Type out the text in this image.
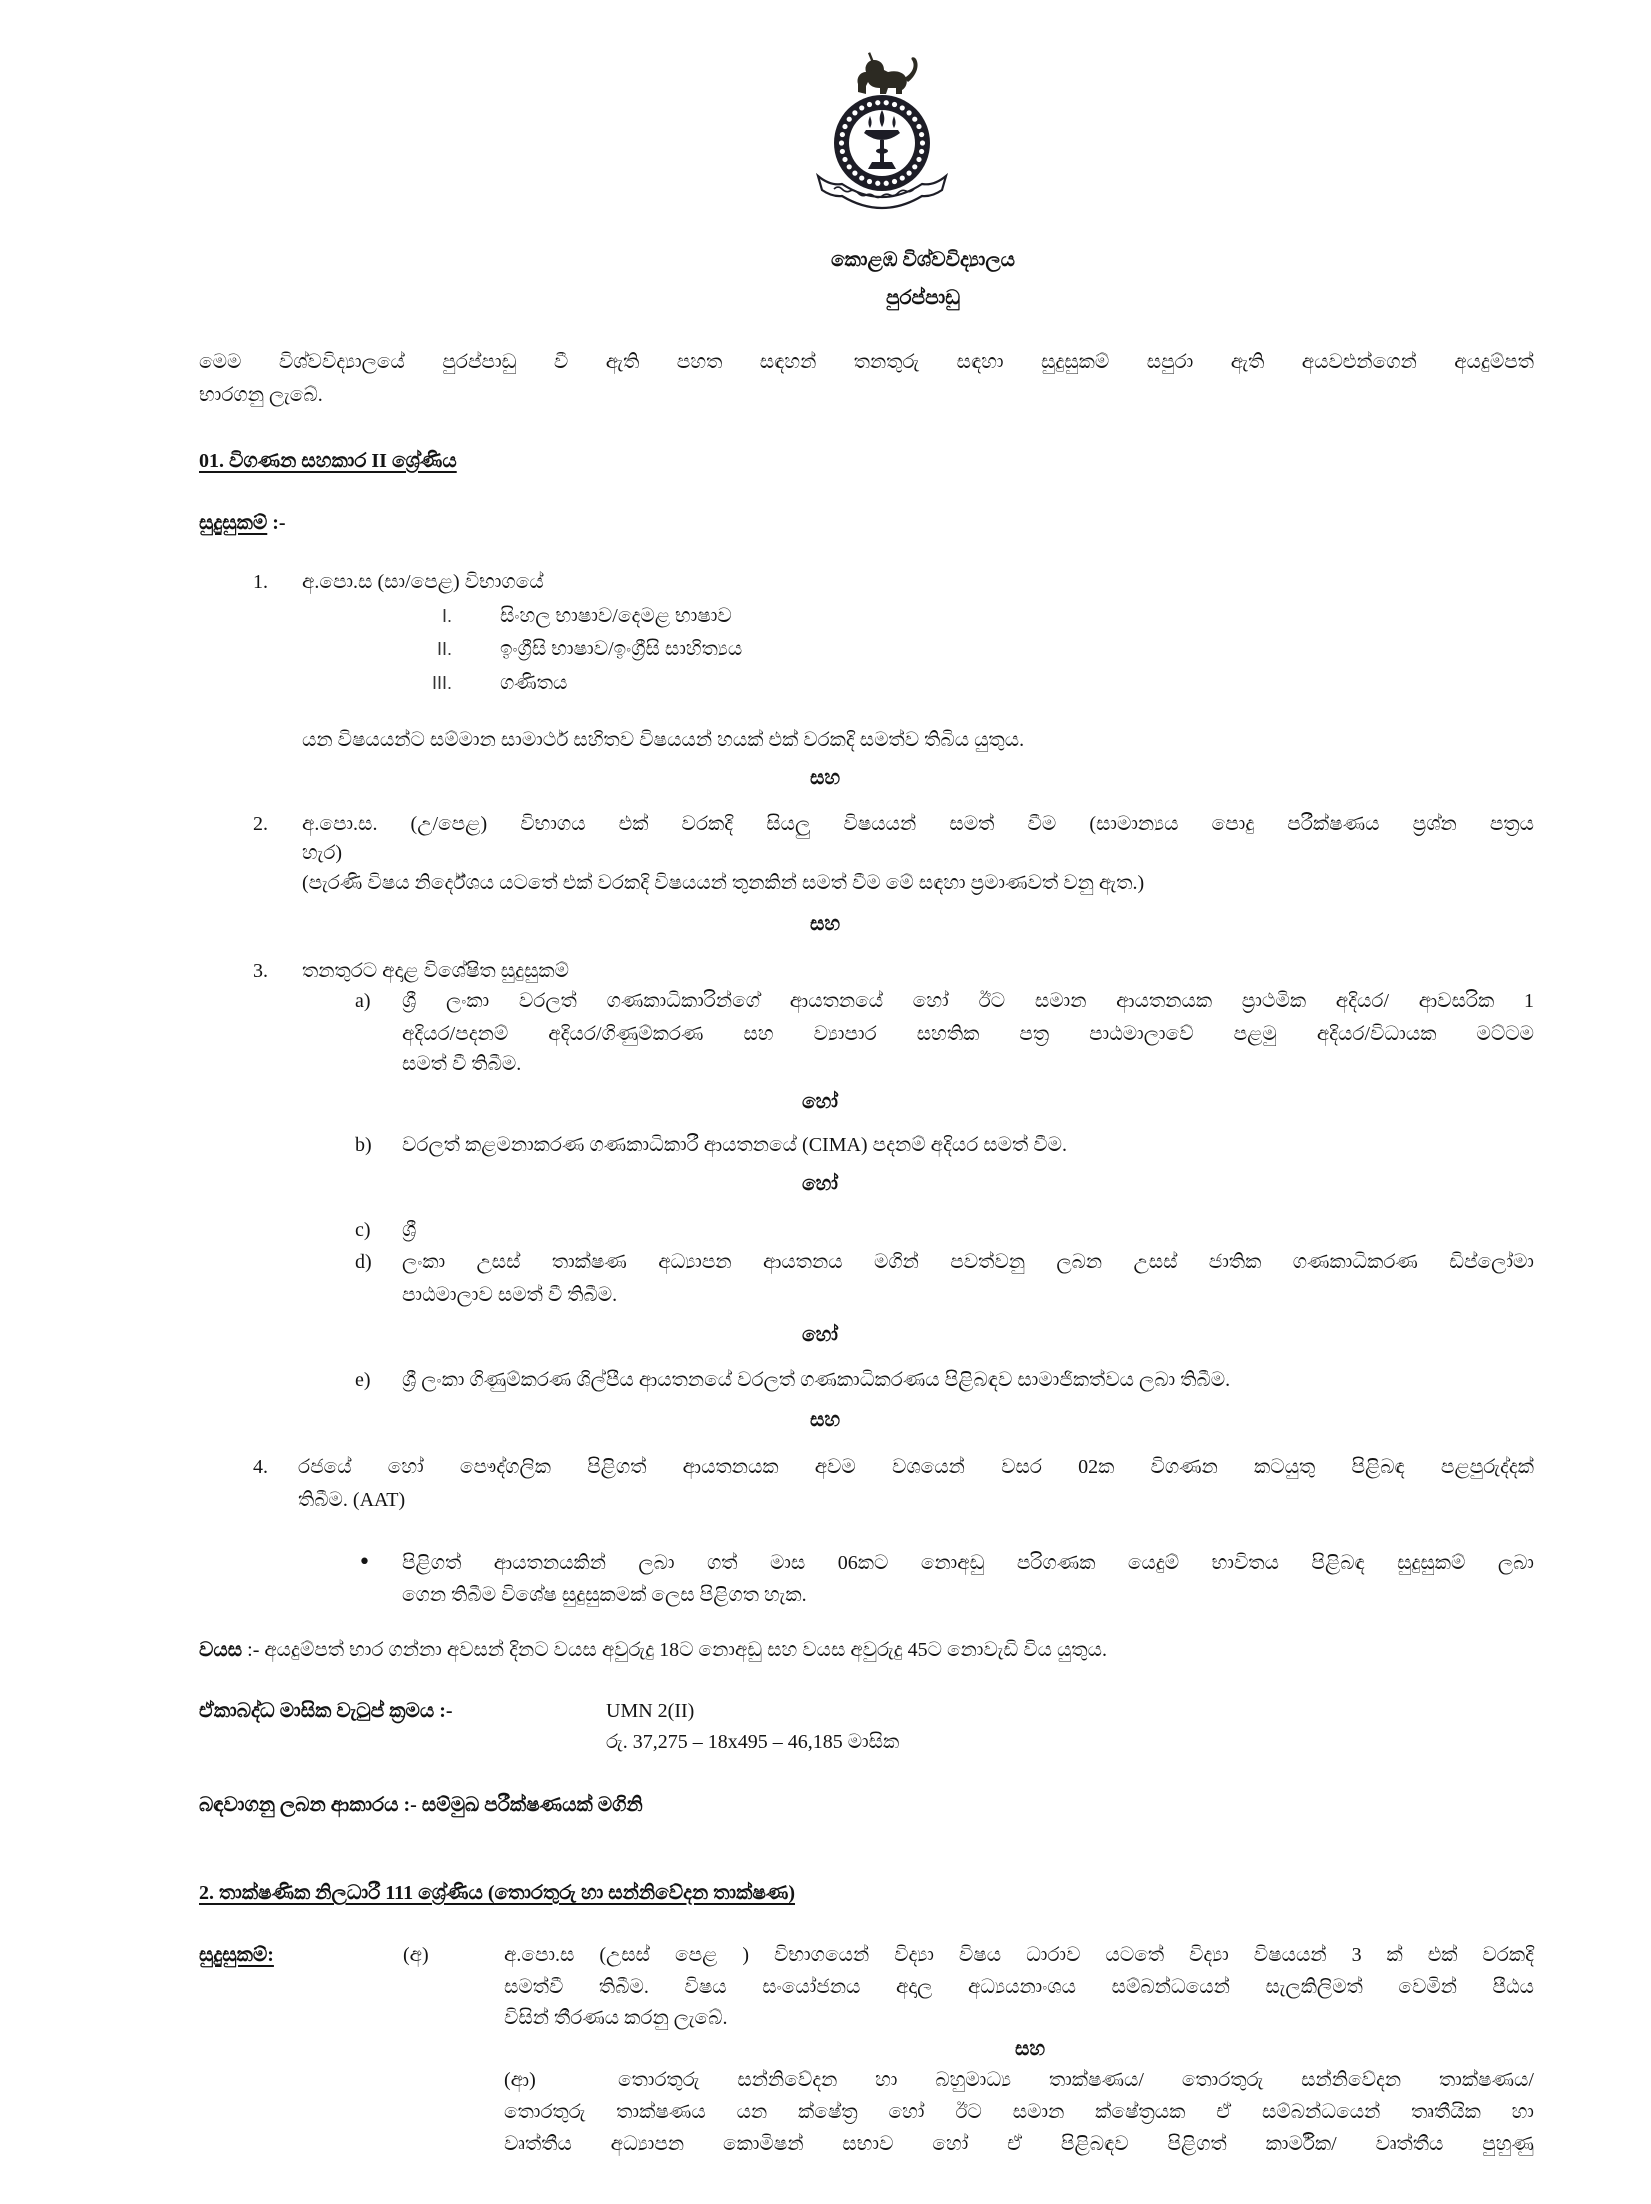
කොළඹ විශ්වවිද්‍යාලය
පුරප්පාඩු
මෙම විශ්වවිද්‍යාලයේ පුරප්පාඩු වී ඇති පහත සඳහන් තනතුරු සඳහා සුදුසුකම් සපුරා ඇති අයවළුන්ගෙන් අයදුම්පත්
භාරගනු ලැබේ.
01. විගණන සහකාර II ශ්‍රේණිය
සුදුසුකම් :-
1. අ.පො.ස (සා/පෙළ) විභාගයේ
I. සිංහල භාෂාව/දෙමළ භාෂාව
II. ඉංග්‍රීසි භාෂාව/ඉංග්‍රීසි සාහිත්‍යය
III. ගණිතය
යන විෂයයන්ට සම්මාන සාමාර්ථ සහිතව විෂයයන් හයක් එක් වරකදි සමත්ව තිබිය යුතුය.
සහ
2. අ.පො.ස. (උ/පෙළ) විභාගය එක් වරකදි සියලු විෂයයන් සමත් වීම (සාමාන්‍යය පොදු පරීක්ෂණය ප්‍රශ්න පත්‍රය
හැර)
(පැරණි විෂය නිර්දේශය යටතේ එක් වරකදි විෂයයන් තුනකින් සමත් වීම මේ සඳහා ප්‍රමාණවත් වනු ඇත.)
සහ
3. තනතුරට අදාළ විශේෂිත සුදුසුකම්
a) ශ්‍රී ලංකා වරලත් ගණකාධිකාරින්ගේ ආයතනයේ හෝ ඊට සමාන ආයතනයක ප්‍රාථමික අදියර/ ආවසරික 1
අදියර/පදනම් අදියර/ගිණුම්කරණ සහ ව්‍යාපාර සහතික පත්‍ර පාඨමාලාවේ පළමු අදියර/විධායක මට්ටම
සමත් වී තිබීම.
හෝ
b) වරලත් කළමනාකරණ ගණකාධිකාරී ආයතනයේ (CIMA) පදනම් අදියර සමත් වීම.
හෝ
c) ශ්‍රී
d) ලංකා උසස් තාක්ෂණ අධ්‍යාපන ආයතනය මගින් පවත්වනු ලබන උසස් ජාතික ගණකාධිකරණ ඩිප්ලෝමා
පාඨමාලාව සමත් වී තිබීම.
හෝ
e) ශ්‍රී ලංකා ගිණුම්කරණ ශිල්පීය ආයතනයේ වරලත් ගණකාධිකරණය පිළිබඳව සාමාජිකත්වය ලබා තිබීම.
සහ
4. රජයේ හෝ පෞද්ගලික පිළිගත් ආයතනයක අවම වශයෙන් වසර 02ක විගණන කටයුතු පිළිබඳ පළපුරුද්දක්
තිබීම. (AAT)
• පිළිගත් ආයතනයකින් ලබා ගත් මාස 06කට නොඅඩු පරිගණක යෙදුම් භාවිතය පිළිබඳ සුදුසුකම් ලබා
ගෙන තිබීම විශේෂ සුදුසුකමක් ලෙස පිළිගත හැක.
වයස :- අයදුම්පත් භාර ගන්නා අවසන් දිනට වයස අවුරුදු 18ට නොඅඩු සහ වයස අවුරුදු 45ට නොවැඩි විය යුතුය.
ඒකාබද්ධ මාසික වැටුප් ක්‍රමය :-	UMN 2(II)
රු. 37,275 – 18x495 – 46,185 මාසික
බඳවාගනු ලබන ආකාරය :- සම්මුඛ පරීක්ෂණයක් මගිනි
2. තාක්ෂණික නිලධාරී 111 ශ්‍රේණිය (තොරතුරු හා සන්නිවේදන තාක්ෂණ)
සුදුසුකම්:	(අ)	අ.පො.ස (උසස් පෙළ ) විභාගයෙන් විද්‍යා විෂය ධාරාව යටතේ විද්‍යා විෂයයන් 3 ක් එක් වරකදි
සමත්වී තිබීම. විෂය සංයෝජනය අදාල අධ්‍යයනාංශය සම්බන්ධයෙන් සැලකිලිමත් වෙමින් පීඨය
විසින් තීරණය කරනු ලැබේ.
සහ
(ආ)	තොරතුරු සන්නිවේදන හා බහුමාධ්‍ය තාක්ෂණය/ තොරතුරු සන්නිවේදන තාක්ෂණය/
තොරතුරු තාක්ෂණය යන ක්ෂේත්‍ර හෝ ඊට සමාන ක්ෂේත්‍රයක ඒ සම්බන්ධයෙන් තෘතීයික හා
වෘත්තීය අධ්‍යාපන කොමිෂන් සභාව හෝ ඒ පිළිබඳව පිළිගත් කාර්මික/ වෘත්තීය පුහුණු
